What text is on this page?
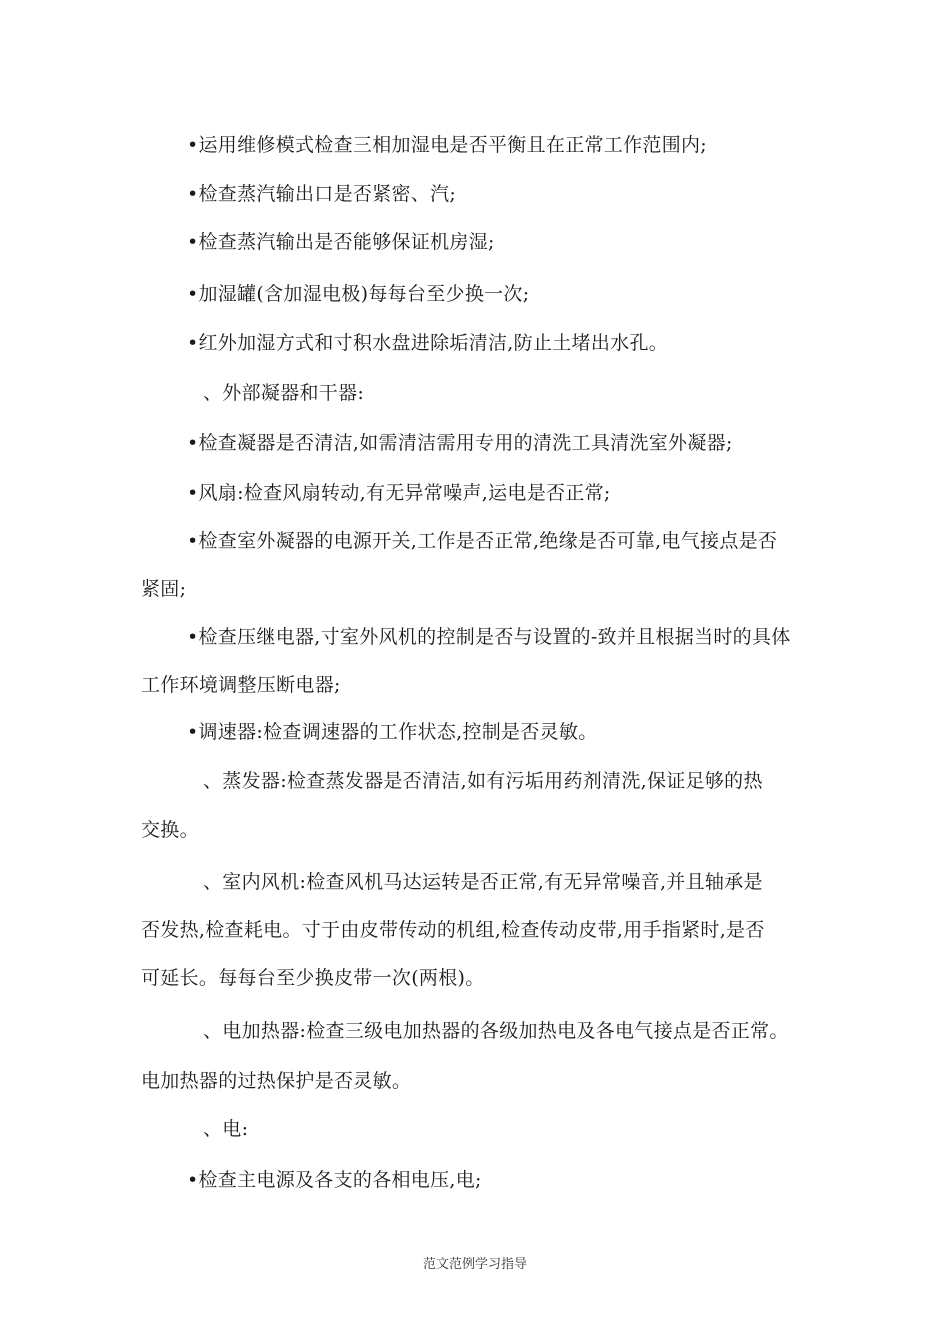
•运用维修模式检查三相加湿电是否平衡且在正常工作范围内;
•检查蒸汽输出口是否紧密、汽;
•检查蒸汽输出是否能够保证机房湿;
•加湿罐(含加湿电极)每每台至少换一次;
•红外加湿方式和寸积水盘进除垢清洁,防止土堵出水孔。
、外部凝器和干器:
•检查凝器是否清洁,如需清洁需用专用的清洗工具清洗室外凝器;
•风扇:检查风扇转动,有无异常噪声,运电是否正常;
•检查室外凝器的电源开关,工作是否正常,绝缘是否可靠,电气接点是否
紧固;
•检查压继电器,寸室外风机的控制是否与设置的-致并且根据当时的具体
工作环境调整压断电器;
•调速器:检查调速器的工作状态,控制是否灵敏。
、蒸发器:检查蒸发器是否清洁,如有污垢用药剂清洗,保证足够的热
交换。
、室内风机:检查风机马达运转是否正常,有无异常噪音,并且轴承是
否发热,检查耗电。寸于由皮带传动的机组,检查传动皮带,用手指紧时,是否
可延长。每每台至少换皮带一次(两根)。
、电加热器:检查三级电加热器的各级加热电及各电气接点是否正常。
电加热器的过热保护是否灵敏。
、电:
•检查主电源及各支的各相电压,电;
范文范例学习指导
